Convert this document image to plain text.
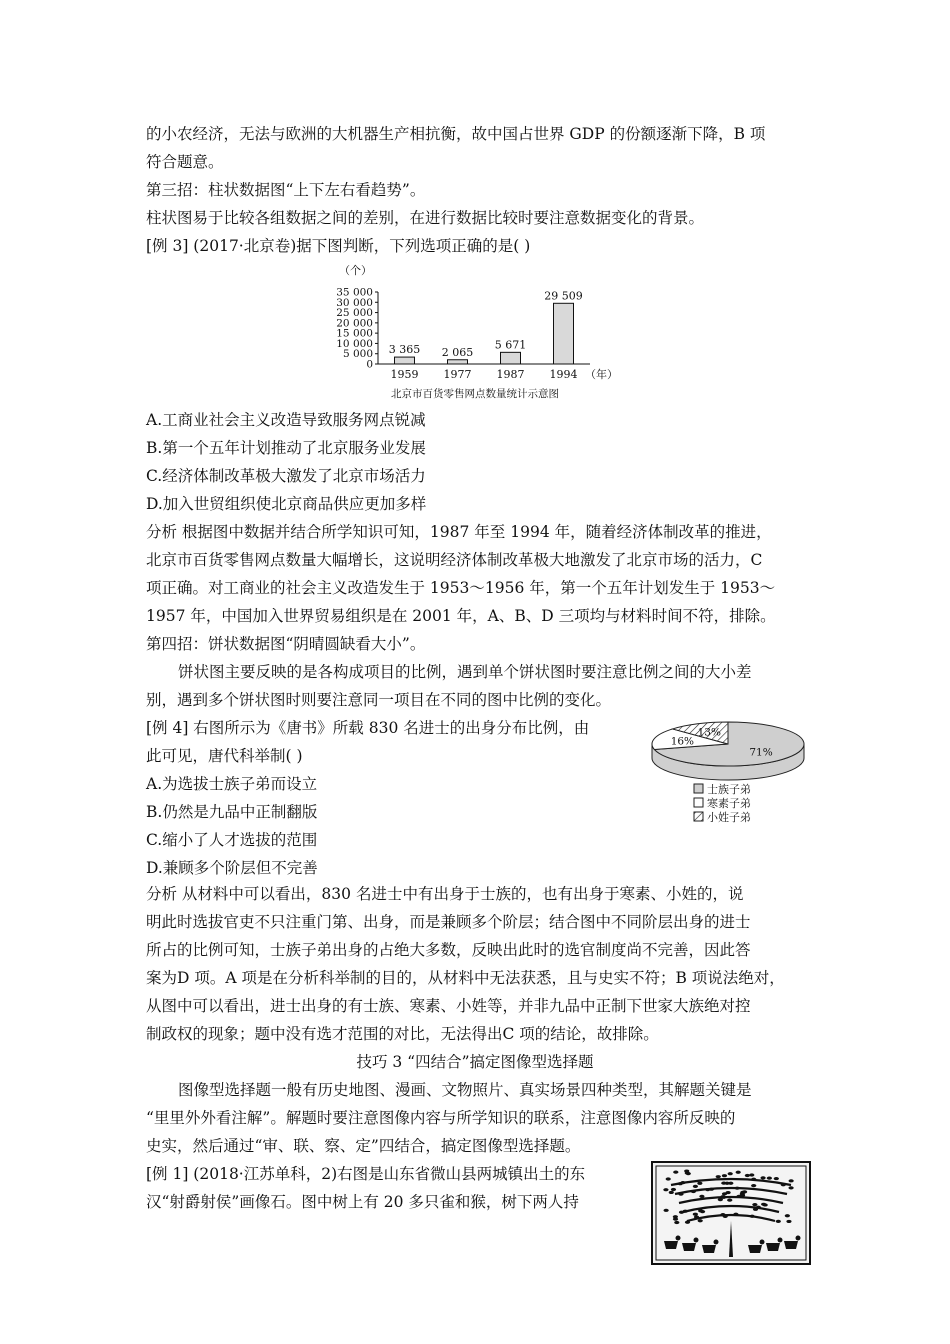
的小农经济，无法与欧洲的大机器生产相抗衡，故中国占世界 GDP 的份额逐渐下降，B 项
符合题意。
第三招：柱状数据图“上下左右看趋势”。
柱状图易于比较各组数据之间的差别，在进行数据比较时要注意数据变化的背景。
[例 3] (2017·北京卷)据下图判断，下列选项正确的是( )
（个）
0
5 000
10 000
15 000
20 000
25 000
30 000
35 000
3 365
1959
2 065
1977
5 671
1987
29 509
1994 （年）
北京市百货零售网点数量统计示意图
A.工商业社会主义改造导致服务网点锐减
B.第一个五年计划推动了北京服务业发展
C.经济体制改革极大激发了北京市场活力
D.加入世贸组织使北京商品供应更加多样
分析 根据图中数据并结合所学知识可知，1987 年至 1994 年，随着经济体制改革的推进，
北京市百货零售网点数量大幅增长，这说明经济体制改革极大地激发了北京市场的活力，C
项正确。对工商业的社会主义改造发生于 1953～1956 年，第一个五年计划发生于 1953～
1957 年，中国加入世界贸易组织是在 2001 年，A、B、D 三项均与材料时间不符，排除。
第四招：饼状数据图“阴晴圆缺看大小”。
饼状图主要反映的是各构成项目的比例，遇到单个饼状图时要注意比例之间的大小差
别，遇到多个饼状图时则要注意同一项目在不同的图中比例的变化。
[例 4] 右图所示为《唐书》所载 830 名进士的出身分布比例，由
此可见，唐代科举制( )
A.为选拔士族子弟而设立
B.仍然是九品中正制翻版
C.缩小了人才选拔的范围
D.兼顾多个阶层但不完善
71%
16%
13%
士族子弟
寒素子弟
小姓子弟
分析 从材料中可以看出，830 名进士中有出身于士族的，也有出身于寒素、小姓的，说
明此时选拔官吏不只注重门第、出身，而是兼顾多个阶层；结合图中不同阶层出身的进士
所占的比例可知，士族子弟出身的占绝大多数，反映出此时的选官制度尚不完善，因此答
案为D 项。A 项是在分析科举制的目的，从材料中无法获悉，且与史实不符；B 项说法绝对，
从图中可以看出，进士出身的有士族、寒素、小姓等，并非九品中正制下世家大族绝对控
制政权的现象；题中没有选才范围的对比，无法得出C 项的结论，故排除。
技巧 3 “四结合”搞定图像型选择题
图像型选择题一般有历史地图、漫画、文物照片、真实场景四种类型，其解题关键是
“里里外外看注解”。解题时要注意图像内容与所学知识的联系，注意图像内容所反映的
史实，然后通过“审、联、察、定”四结合，搞定图像型选择题。
[例 1] (2018·江苏单科，2)右图是山东省微山县两城镇出土的东
汉“射爵射侯”画像石。图中树上有 20 多只雀和猴，树下两人持
